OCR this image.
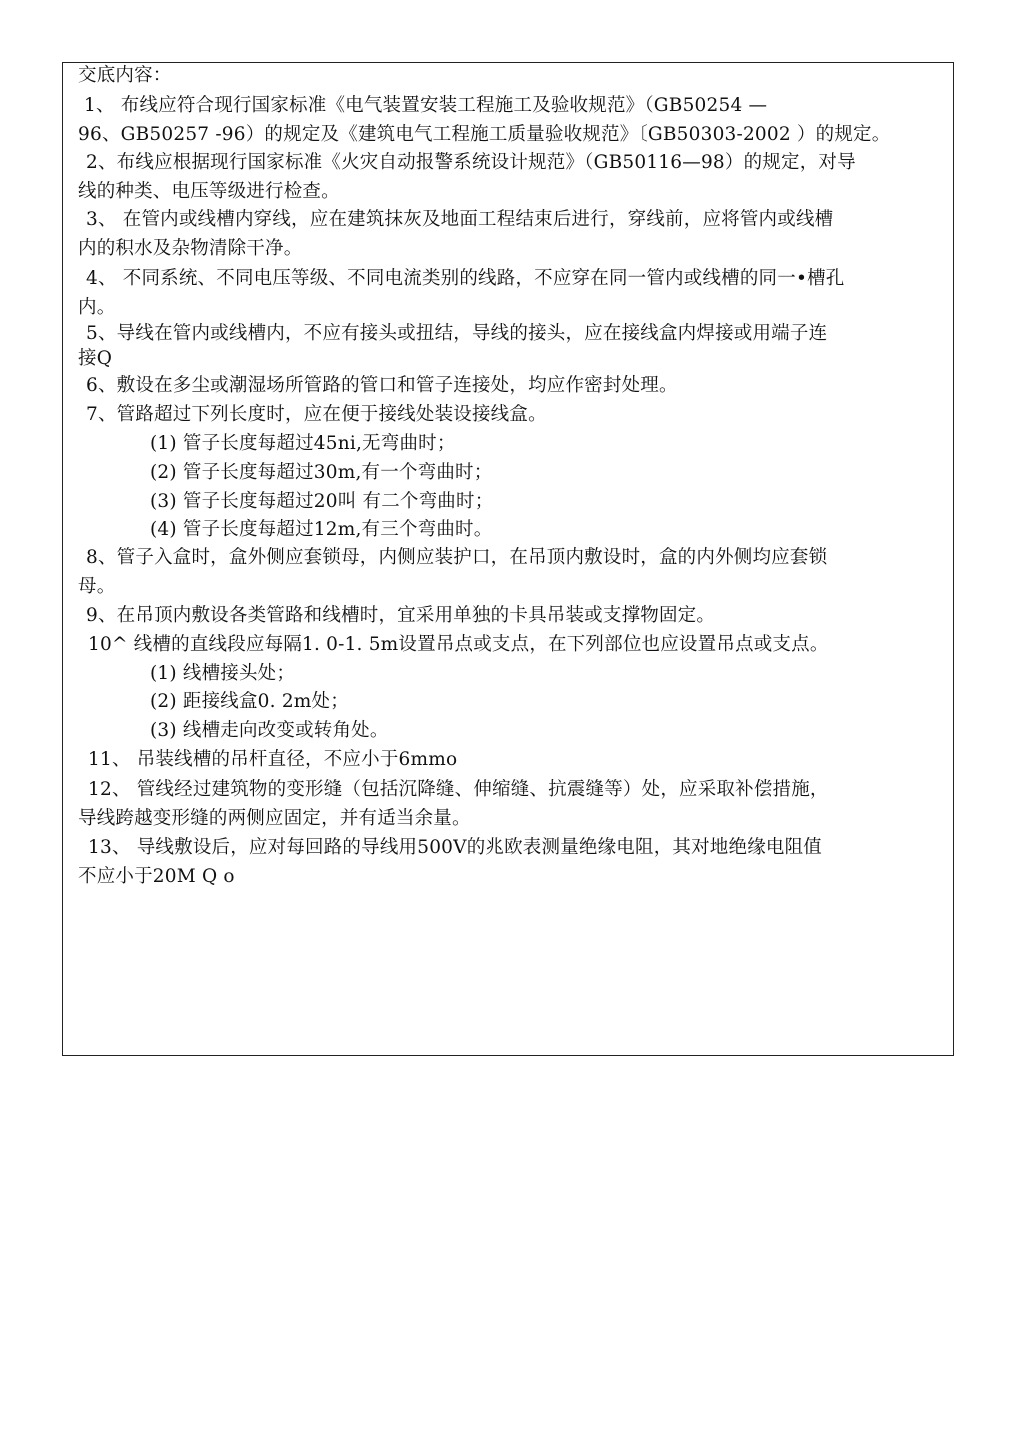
交底内容：
1、 布线应符合现行国家标准《电气装置安装工程施工及验收规范》（GB50254 —
96、GB50257 -96）的规定及《建筑电气工程施工质量验收规范》〔GB50303-2002 ）的规定。
2、布线应根据现行国家标准《火灾自动报警系统设计规范》（GB50116—98）的规定，对导
线的种类、电压等级进行检查。
3、 在管内或线槽内穿线，应在建筑抹灰及地面工程结束后进行，穿线前，应将管内或线槽
内的积水及杂物清除干净。
4、 不同系统、不同电压等级、不同电流类别的线路，不应穿在同一管内或线槽的同一•槽孔
内。
5、导线在管内或线槽内，不应有接头或扭结，导线的接头，应在接线盒内焊接或用端子连
接Q
6、敷设在多尘或潮湿场所管路的管口和管子连接处，均应作密封处理。
7、管路超过下列长度时，应在便于接线处装设接线盒。
(1) 管子长度每超过45ni,无弯曲时；
(2) 管子长度每超过30m,有一个弯曲时；
(3) 管子长度每超过20叫 有二个弯曲时；
(4) 管子长度每超过12m,有三个弯曲时。
8、管子入盒时，盒外侧应套锁母，内侧应装护口，在吊顶内敷设时，盒的内外侧均应套锁
母。
9、在吊顶内敷设各类管路和线槽时，宜采用单独的卡具吊装或支撑物固定。
10^ 线槽的直线段应每隔1. 0-1. 5m设置吊点或支点，在下列部位也应设置吊点或支点。
(1) 线槽接头处；
(2) 距接线盒0. 2m处；
(3) 线槽走向改变或转角处。
11、 吊装线槽的吊杆直径，不应小于6mmo
12、 管线经过建筑物的变形缝（包括沉降缝、伸缩缝、抗震缝等）处，应采取补偿措施，
导线跨越变形缝的两侧应固定，并有适当余量。
13、 导线敷设后，应对每回路的导线用500V的兆欧表测量绝缘电阻，其对地绝缘电阻值
不应小于20M Q o
